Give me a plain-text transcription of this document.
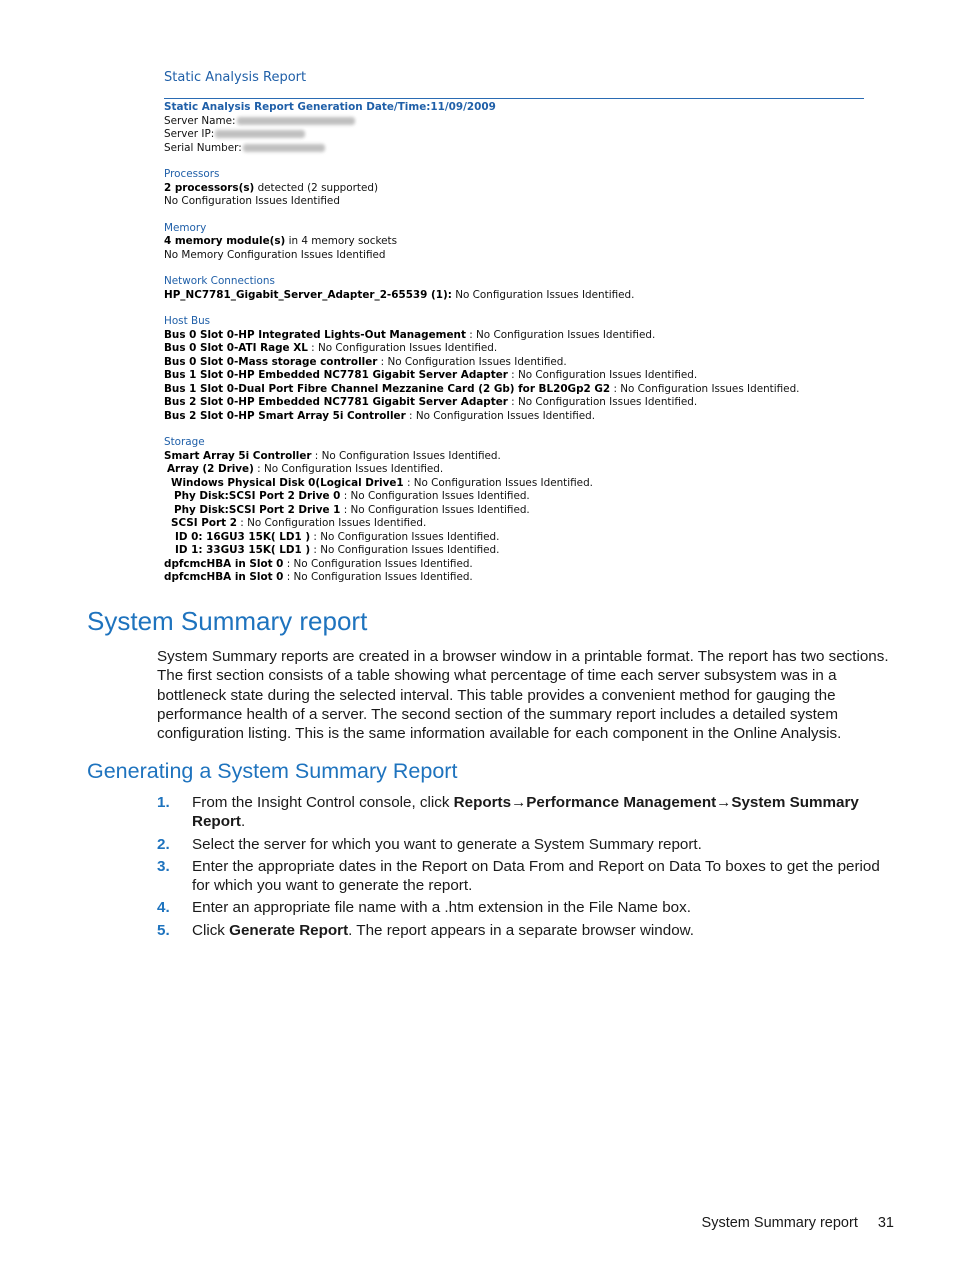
Static Analysis Report

Static Analysis Report Generation Date/Time:11/09/2009
Server Name:
Server IP:
Serial Number:
Processors
2 processors(s) detected (2 supported)
No Configuration Issues Identified
Memory
4 memory module(s) in 4 memory sockets
No Memory Configuration Issues Identified
Network Connections
HP_NC7781_Gigabit_Server_Adapter_2-65539 (1): No Configuration Issues Identified.
Host Bus
Bus 0 Slot 0-HP Integrated Lights-Out Management : No Configuration Issues Identified.
Bus 0 Slot 0-ATI Rage XL : No Configuration Issues Identified.
Bus 0 Slot 0-Mass storage controller : No Configuration Issues Identified.
Bus 1 Slot 0-HP Embedded NC7781 Gigabit Server Adapter : No Configuration Issues Identified.
Bus 1 Slot 0-Dual Port Fibre Channel Mezzanine Card (2 Gb) for BL20Gp2 G2 : No Configuration Issues Identified.
Bus 2 Slot 0-HP Embedded NC7781 Gigabit Server Adapter : No Configuration Issues Identified.
Bus 2 Slot 0-HP Smart Array 5i Controller : No Configuration Issues Identified.
Storage
Smart Array 5i Controller : No Configuration Issues Identified.
Array (2 Drive) : No Configuration Issues Identified.
Windows Physical Disk 0(Logical Drive1 : No Configuration Issues Identified.
Phy Disk:SCSI Port 2 Drive 0 : No Configuration Issues Identified.
Phy Disk:SCSI Port 2 Drive 1 : No Configuration Issues Identified.
SCSI Port 2 : No Configuration Issues Identified.
ID 0: 16GU3 15K( LD1 ) : No Configuration Issues Identified.
ID 1: 33GU3 15K( LD1 ) : No Configuration Issues Identified.
dpfcmcHBA in Slot 0 : No Configuration Issues Identified.
dpfcmcHBA in Slot 0 : No Configuration Issues Identified.
System Summary report

System Summary reports are created in a browser window in a printable format. The report has two sections. The first section consists of a table showing what percentage of time each server subsystem was in a bottleneck state during the selected interval. This table provides a convenient method for gauging the performance health of a server. The second section of the summary report includes a detailed system configuration listing. This is the same information available for each component in the Online Analysis.

Generating a System Summary Report
1. From the Insight Control console, click Reports→Performance Management→System Summary Report.
2. Select the server for which you want to generate a System Summary report.
3. Enter the appropriate dates in the Report on Data From and Report on Data To boxes to get the period for which you want to generate the report.
4. Enter an appropriate file name with a .htm extension in the File Name box.
5. Click Generate Report. The report appears in a separate browser window.
System Summary report 31
